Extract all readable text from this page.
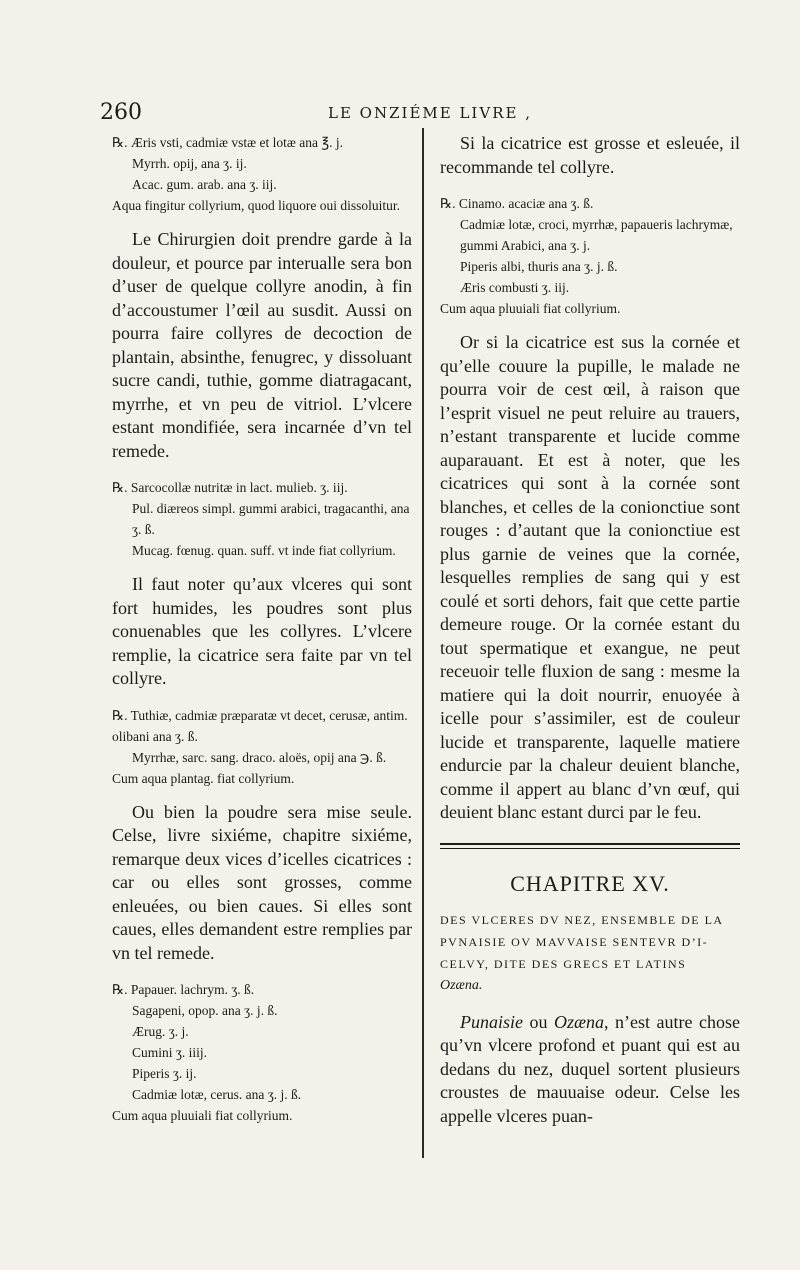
260	LE ONZIÉME LIVRE ,
℞. Æris vsti, cadmiæ vstæ et lotæ ana ℥. j.
Myrrh. opij, ana ʒ. ij.
Acac. gum. arab. ana ʒ. iij.
Aqua fingitur collyrium, quod liquore oui dissoluitur.

Le Chirurgien doit prendre garde à la douleur, et pource par interualle sera bon d’user de quelque collyre anodin, à fin d’accoustumer l’œil au susdit. Aussi on pourra faire collyres de decoction de plantain, absinthe, fenugrec, y dissoluant sucre candi, tuthie, gomme diatragacant, myrrhe, et vn peu de vitriol. L’vlcere estant mondifiée, sera incarnée d’vn tel remede.

℞. Sarcocollæ nutritæ in lact. mulieb. ʒ. iij.
Pul. diæreos simpl. gummi arabici, tragacanthi, ana ʒ. ß.
Mucag. fœnug. quan. suff. vt inde fiat collyrium.

Il faut noter qu’aux vlceres qui sont fort humides, les poudres sont plus conuenables que les collyres. L’vlcere remplie, la cicatrice sera faite par vn tel collyre.

℞. Tuthiæ, cadmiæ præparatæ vt decet, cerusæ, antim. olibani ana ʒ. ß.
Myrrhæ, sarc. sang. draco. aloës, opij ana ℈. ß.
Cum aqua plantag. fiat collyrium.

Ou bien la poudre sera mise seule. Celse, livre sixiéme, chapitre sixiéme, remarque deux vices d’icelles cicatrices : car ou elles sont grosses, comme enleuées, ou bien caues. Si elles sont caues, elles demandent estre remplies par vn tel remede.

℞. Papauer. lachrym. ʒ. ß.
Sagapeni, opop. ana ʒ. j. ß.
Ærug. ʒ. j.
Cumini ʒ. iiij.
Piperis ʒ. ij.
Cadmiæ lotæ, cerus. ana ʒ. j. ß.
Cum aqua pluuiali fiat collyrium.

Si la cicatrice est grosse et esleuée, il recommande tel collyre.

℞. Cinamo. acaciæ ana ʒ. ß.
Cadmiæ lotæ, croci, myrrhæ, papaueris lachrymæ, gummi Arabici, ana ʒ. j.
Piperis albi, thuris ana ʒ. j. ß.
Æris combusti ʒ. iij.
Cum aqua pluuiali fiat collyrium.

Or si la cicatrice est sus la cornée et qu’elle couure la pupille, le malade ne pourra voir de cest œil, à raison que l’esprit visuel ne peut reluire au trauers, n’estant transparente et lucide comme auparauant. Et est à noter, que les cicatrices qui sont à la cornée sont blanches, et celles de la conionctiue sont rouges : d’autant que la conionctiue est plus garnie de veines que la cornée, lesquelles remplies de sang qui y est coulé et sorti dehors, fait que cette partie demeure rouge. Or la cornée estant du tout spermatique et exangue, ne peut receuoir telle fluxion de sang : mesme la matiere qui la doit nourrir, enuoyée à icelle pour s’assimiler, est de couleur lucide et transparente, laquelle matiere endurcie par la chaleur deuient blanche, comme il appert au blanc d’vn œuf, qui deuient blanc estant durci par le feu.

CHAPITRE XV.
DES VLCERES DV NEZ, ENSEMBLE DE LA
PVNAISIE OV MAVVAISE SENTEVR D’I-
CELVY, DITE DES GRECS ET LATINS
Ozæna.

Punaisie ou Ozæna, n’est autre chose qu’vn vlcere profond et puant qui est au dedans du nez, duquel sortent plusieurs croustes de mauuaise odeur. Celse les appelle vlceres puan-
